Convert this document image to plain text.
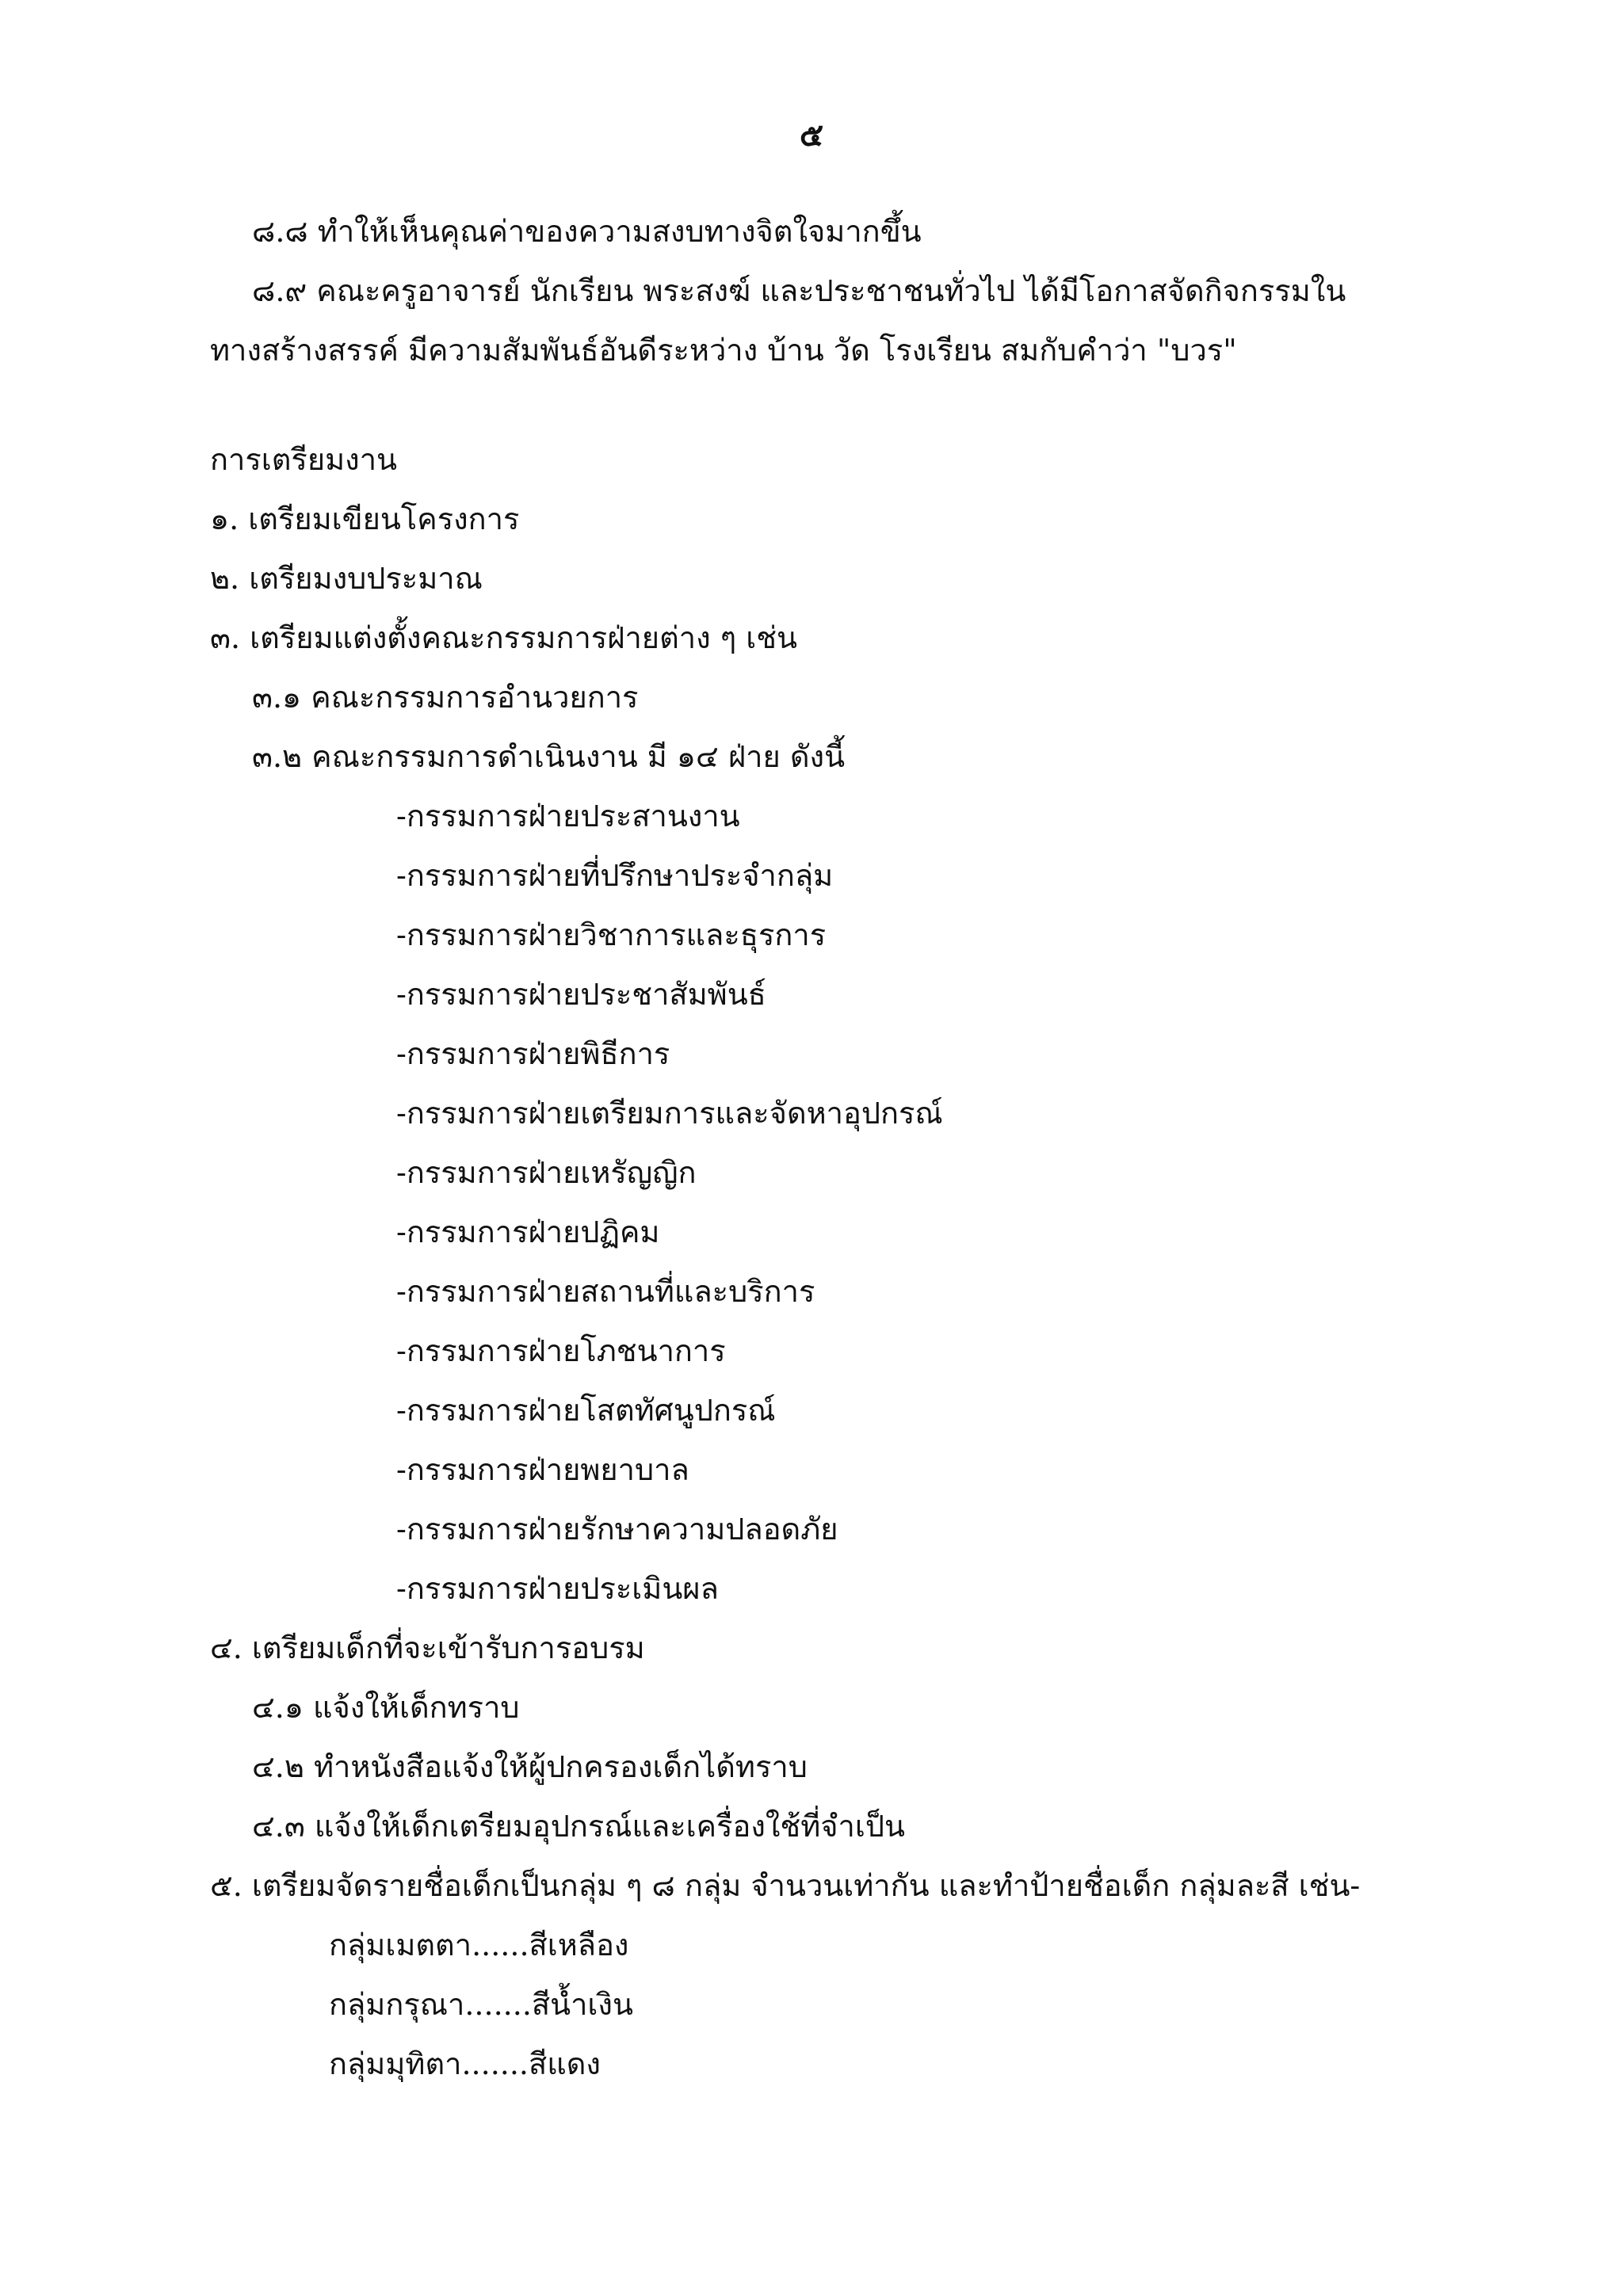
๕
๘.๘ ทำให้เห็นคุณค่าของความสงบทางจิตใจมากขึ้น
๘.๙ คณะครูอาจารย์ นักเรียน พระสงฆ์ และประชาชนทั่วไป ได้มีโอกาสจัดกิจกรรมใน
ทางสร้างสรรค์ มีความสัมพันธ์อันดีระหว่าง บ้าน วัด โรงเรียน สมกับคำว่า "บวร"
การเตรียมงาน
๑. เตรียมเขียนโครงการ
๒. เตรียมงบประมาณ
๓. เตรียมแต่งตั้งคณะกรรมการฝ่ายต่าง ๆ เช่น
๓.๑ คณะกรรมการอำนวยการ
๓.๒ คณะกรรมการดำเนินงาน มี ๑๔ ฝ่าย ดังนี้
-กรรมการฝ่ายประสานงาน
-กรรมการฝ่ายที่ปรึกษาประจำกลุ่ม
-กรรมการฝ่ายวิชาการและธุรการ
-กรรมการฝ่ายประชาสัมพันธ์
-กรรมการฝ่ายพิธีการ
-กรรมการฝ่ายเตรียมการและจัดหาอุปกรณ์
-กรรมการฝ่ายเหรัญญิก
-กรรมการฝ่ายปฏิคม
-กรรมการฝ่ายสถานที่และบริการ
-กรรมการฝ่ายโภชนาการ
-กรรมการฝ่ายโสตทัศนูปกรณ์
-กรรมการฝ่ายพยาบาล
-กรรมการฝ่ายรักษาความปลอดภัย
-กรรมการฝ่ายประเมินผล
๔. เตรียมเด็กที่จะเข้ารับการอบรม
๔.๑ แจ้งให้เด็กทราบ
๔.๒ ทำหนังสือแจ้งให้ผู้ปกครองเด็กได้ทราบ
๔.๓ แจ้งให้เด็กเตรียมอุปกรณ์และเครื่องใช้ที่จำเป็น
๕. เตรียมจัดรายชื่อเด็กเป็นกลุ่ม ๆ ๘ กลุ่ม จำนวนเท่ากัน และทำป้ายชื่อเด็ก กลุ่มละสี เช่น-
กลุ่มเมตตา......สีเหลือง
กลุ่มกรุณา.......สีน้ำเงิน
กลุ่มมุทิตา.......สีแดง
